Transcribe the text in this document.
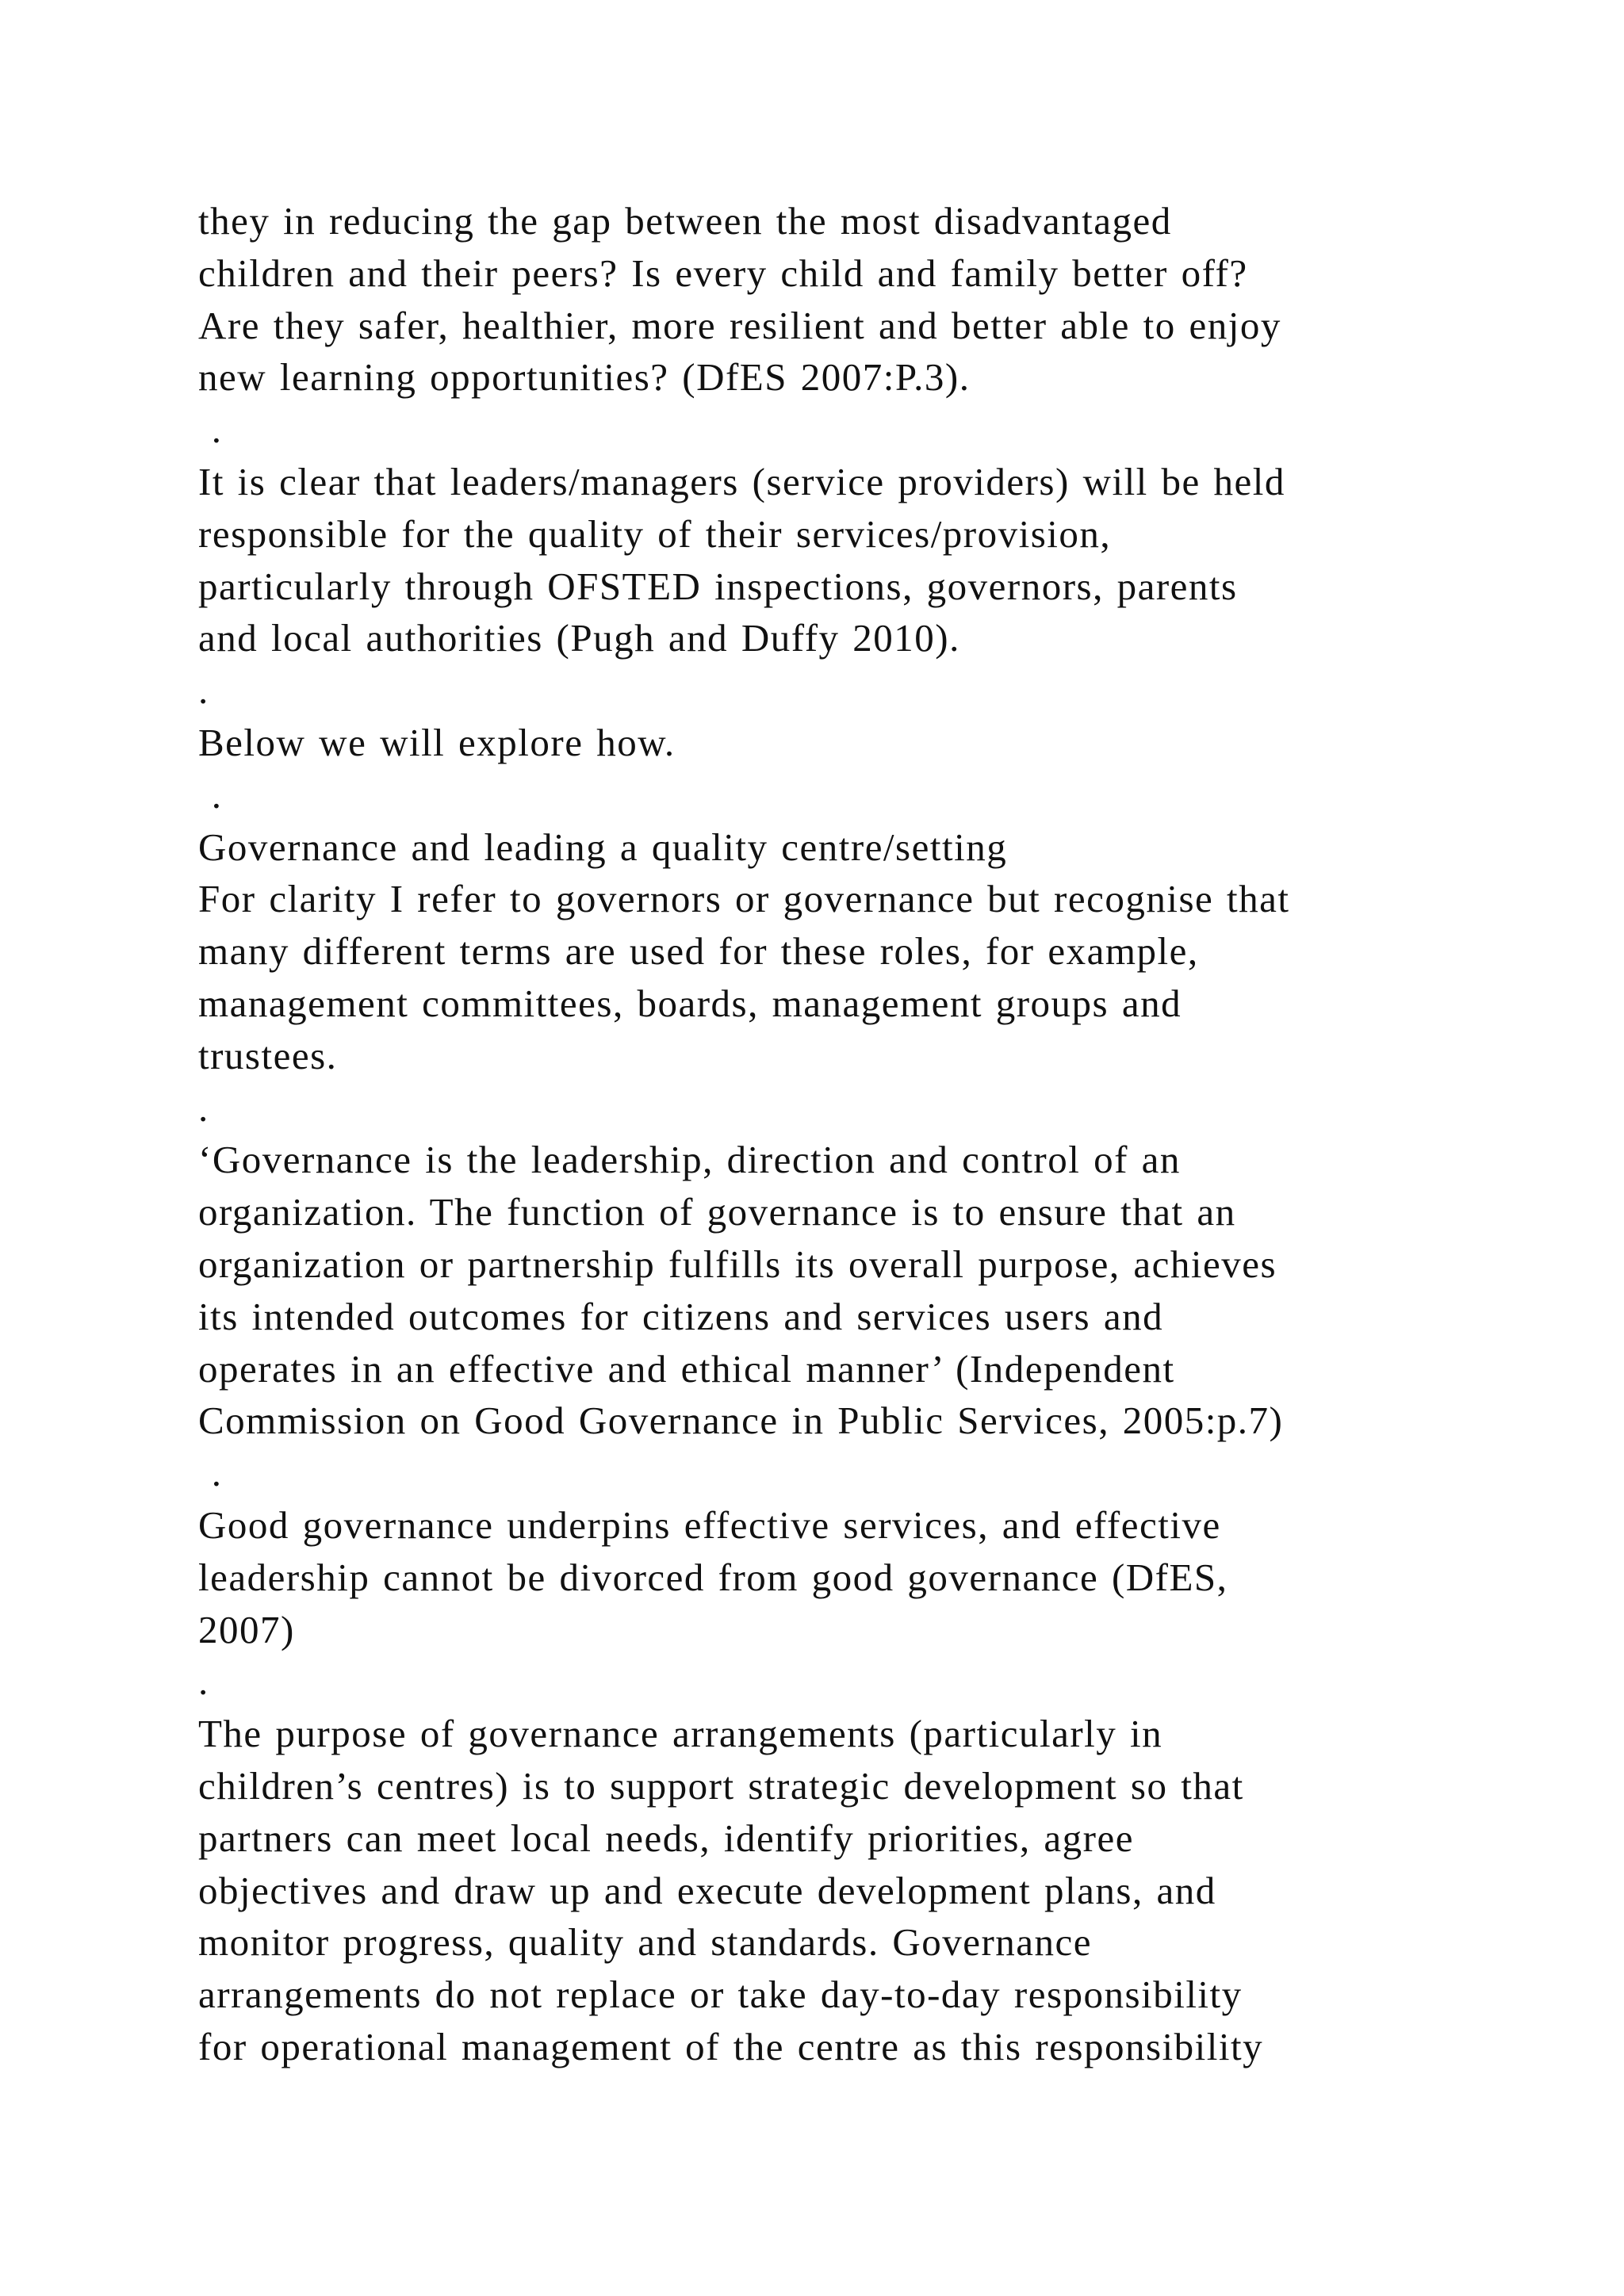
they in reducing the gap between the most disadvantaged
children and their peers? Is every child and family better off?
Are they safer, healthier, more resilient and better able to enjoy
new learning opportunities? (DfES 2007:P.3).
.
It is clear that leaders/managers (service providers) will be held
responsible for the quality of their services/provision,
particularly through OFSTED inspections, governors, parents
and local authorities (Pugh and Duffy 2010).
.
Below we will explore how.
.
Governance and leading a quality centre/setting
For clarity I refer to governors or governance but recognise that
many different terms are used for these roles, for example,
management committees, boards, management groups and
trustees.
.
‘Governance is the leadership, direction and control of an
organization. The function of governance is to ensure that an
organization or partnership fulfills its overall purpose, achieves
its intended outcomes for citizens and services users and
operates in an effective and ethical manner’ (Independent
Commission on Good Governance in Public Services, 2005:p.7)
.
Good governance underpins effective services, and effective
leadership cannot be divorced from good governance (DfES,
2007)
.
The purpose of governance arrangements (particularly in
children’s centres) is to support strategic development so that
partners can meet local needs, identify priorities, agree
objectives and draw up and execute development plans, and
monitor progress, quality and standards. Governance
arrangements do not replace or take day-to-day responsibility
for operational management of the centre as this responsibility
